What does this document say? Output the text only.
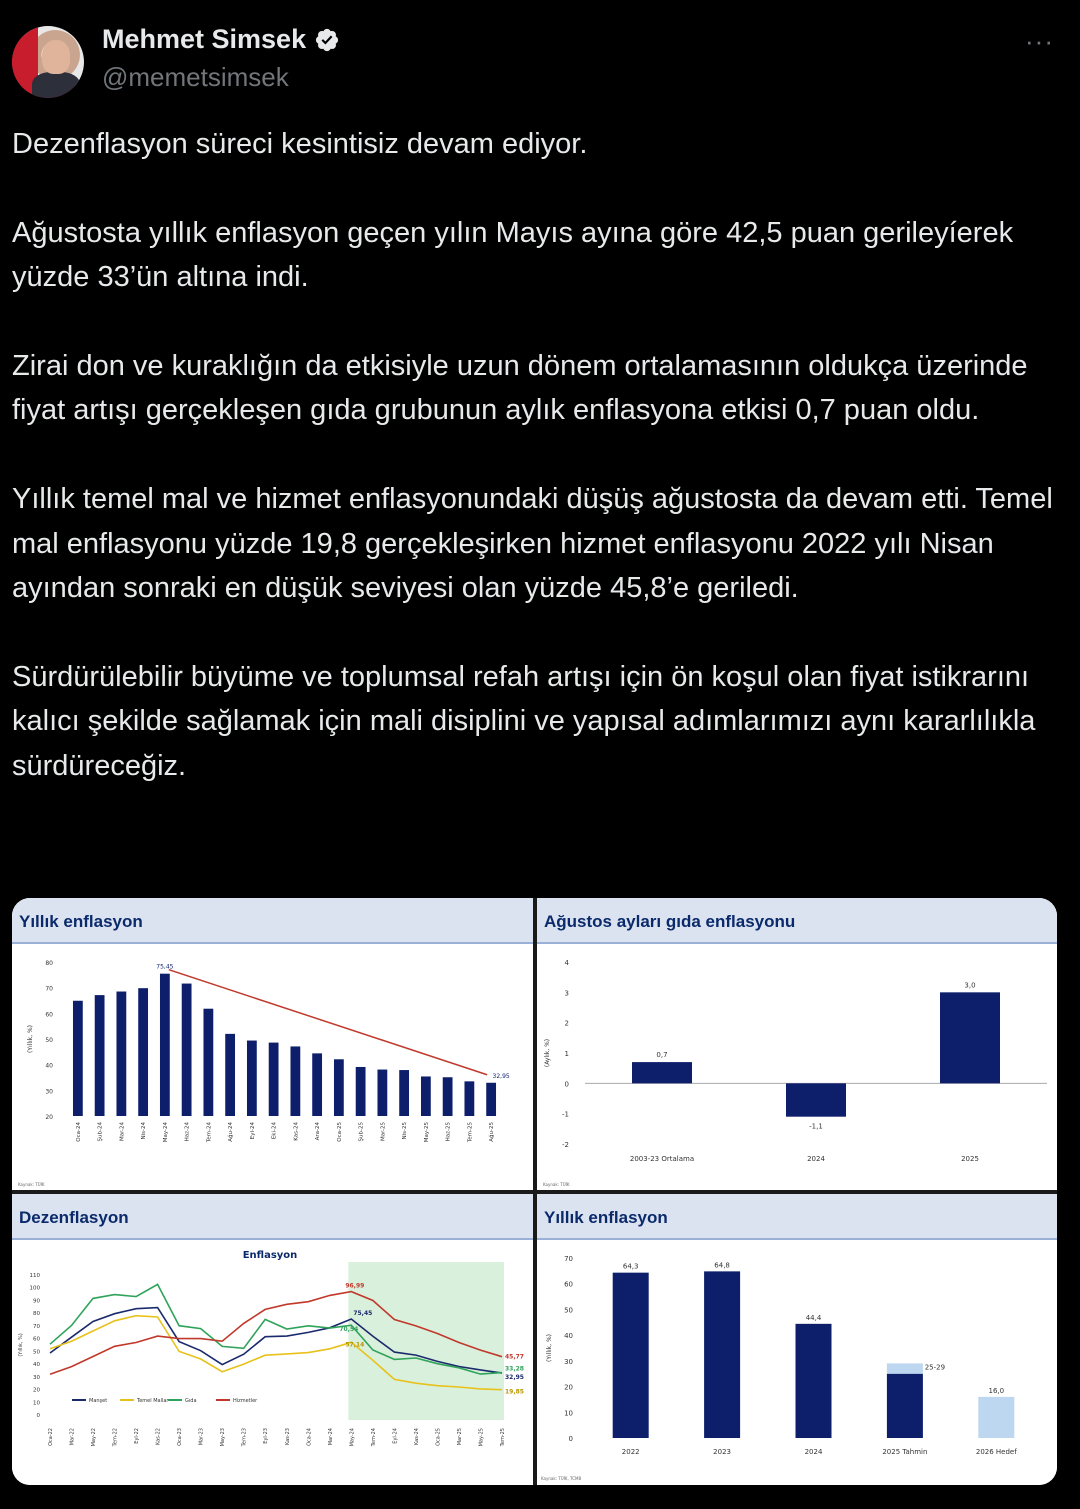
Mehmet Simsek
@memetsimsek
···

Dezenflasyon süreci kesintisiz devam ediyor.

Ağustosta yıllık enflasyon geçen yılın Mayıs ayına göre 42,5 puan gerileyíerek yüzde 33’ün altına indi.

Zirai don ve kuraklığın da etkisiyle uzun dönem ortalamasının oldukça üzerinde fiyat artışı gerçekleşen gıda grubunun aylık enflasyona etkisi 0,7 puan oldu.

Yıllık temel mal ve hizmet enflasyonundaki düşüş ağustosta da devam etti. Temel mal enflasyonu yüzde 19,8 gerçekleşirken hizmet enflasyonu 2022 yılı Nisan ayından sonraki en düşük seviyesi olan yüzde 45,8’e geriledi.

Sürdürülebilir büyüme ve toplumsal refah artışı için ön koşul olan fiyat istikrarını kalıcı şekilde sağlamak için mali disiplini ve yapısal adımlarımızı aynı kararlılıkla sürdüreceğiz.

Yıllık enflasyon
20
30
40
50
60
70
80
(Yıllık, %)
Oca-24	Şub-24	Mar-24	Nis-24	May-24	Haz-24	Tem-24	Ağu-24	Eyl-24	Eki-24	Kas-24	Ara-24	Oca-25	Şub-25	Mar-25	Nis-25	May-25	Haz-25	Tem-25	Ağu-25
75,45
32,95
Kaynak: TÜİK
Ağustos ayları gıda enflasyonu
-2
-1
0
1
2
3
4
(Aylık, %)	0,7
2003-23 Ortalama
-1,1
2024
3,0
2025
Kaynak: TÜİK
Dezenflasyon
Enflasyon
0
10
20
30
40
50
60
70
80
90
100
110
(Yıllık, %)
Oca-22	Mar-22	May-22	Tem-22	Eyl-22	Kas-22	Oca-23	Mar-23	May-23	Tem-23	Eyl-23	Kas-23	Oca-24	Mar-24	May-24	Tem-24	Eyl-24	Kas-24	Oca-25	Mar-25	May-25	Tem-25
96,99
75,45
70,54
57,14
45,77
33,28
32,95
19,85
Manşet	Temel Mallar	Gıda	Hizmetler
Yıllık enflasyon
0
10
20
30
40
50
60
70
(Yıllık, %)
64,3
2022
64,8
2023
44,4
2024
25-29
2025 Tahmin
16,0
2026 Hedef
Kaynak: TÜİK, TCMB
